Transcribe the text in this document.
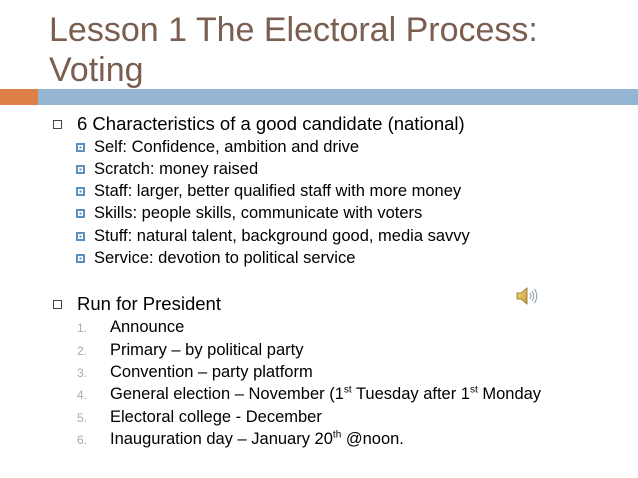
Lesson 1 The Electoral Process:
Voting
6 Characteristics of a good candidate (national)
Self: Confidence, ambition and drive
Scratch: money raised
Staff: larger, better qualified staff with more money
Skills: people skills, communicate with voters
Stuff: natural talent, background good, media savvy
Service: devotion to political service
Run for President
1.	Announce
2.	Primary – by political party
3.	Convention – party platform
4.	General election – November (1st Tuesday after 1st Monday
5.	Electoral college - December
6.	Inauguration day – January 20th @noon.
